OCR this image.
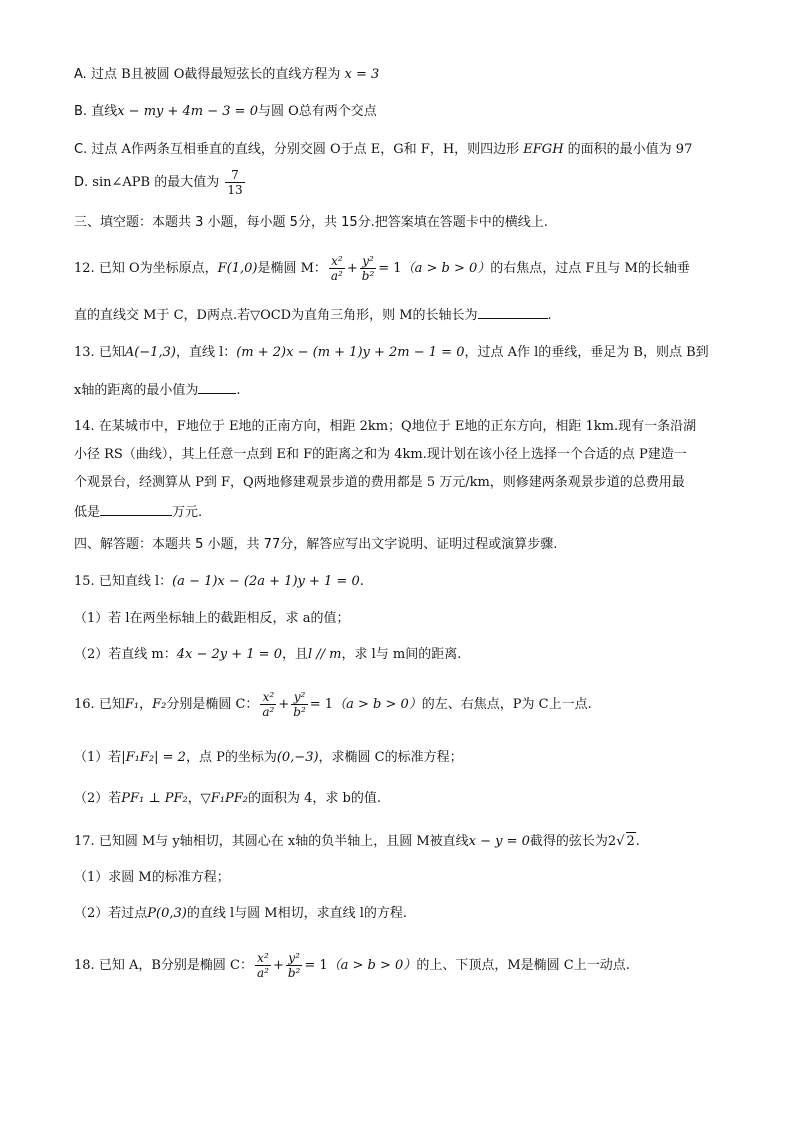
A. 过点 B且被圆 O截得最短弦长的直线方程为 x = 3
B. 直线x − my + 4m − 3 = 0与圆 O总有两个交点
C. 过点 A作两条互相垂直的直线，分别交圆 O于点 E，G和 F，H，则四边形 EFGH 的面积的最小值为 97
D. sin∠APB 的最大值为 $\frac{7}{13}$
三、填空题：本题共 3 小题，每小题 5分，共 15分.把答案填在答题卡中的横线上.
12. 已知 O为坐标原点，F(1,0)是椭圆 M： $\frac{\text{x²}}{\text{a²}} + \frac{\text{y²}}{\text{b²}} = 1(a > b > 0)$的右焦点，过点 F且与 M的长轴垂
直的直线交 M于 C，D两点.若▽OCD为直角三角形，则 M的长轴长为	.
13. 已知A(−1,3)，直线 l：(m + 2)x − (m + 1)y + 2m − 1 = 0，过点 A作 l的垂线，垂足为 B，则点 B到
x轴的距离的最小值为	.
14. 在某城市中，F地位于 E地的正南方向，相距 2km；Q地位于 E地的正东方向，相距 1km.现有一条沿湖
小径 RS（曲线），其上任意一点到 E和 F的距离之和为 4km.现计划在该小径上选择一个合适的点 P建造一
个观景台，经测算从 P到 F，Q两地修建观景步道的费用都是 5 万元/km，则修建两条观景步道的总费用最
低是	万元.
四、解答题：本题共 5 小题，共 77分，解答应写出文字说明、证明过程或演算步骤.
15. 已知直线 l：(a − 1)x − (2a + 1)y + 1 = 0.
（1）若 l在两坐标轴上的截距相反，求 a的值；
（2）若直线 m：4x − 2y + 1 = 0，且l // m，求 l与 m间的距离.
16. 已知F₁，F₂分别是椭圆 C： $\frac{\text{x²}}{\text{a²}} + \frac{\text{y²}}{\text{b²}} = 1(a > b > 0)$的左、右焦点，P为 C上一点.
（1）若|F₁F₂| = 2，点 P的坐标为(0,−3)，求椭圆 C的标准方程；
（2）若PF₁ ⊥ PF₂，▽F₁PF₂的面积为 4，求 b的值.
17. 已知圆 M与 y轴相切，其圆心在 x轴的负半轴上，且圆 M被直线x − y = 0截得的弦长为2√ 2.
（1）求圆 M的标准方程；
（2）若过点P(0,3)的直线 l与圆 M相切，求直线 l的方程.
18. 已知 A，B分别是椭圆 C： $\frac{\text{x²}}{\text{a²}} + \frac{\text{y²}}{\text{b²}} = 1(a > b > 0)$的上、下顶点，M是椭圆 C上一动点.
